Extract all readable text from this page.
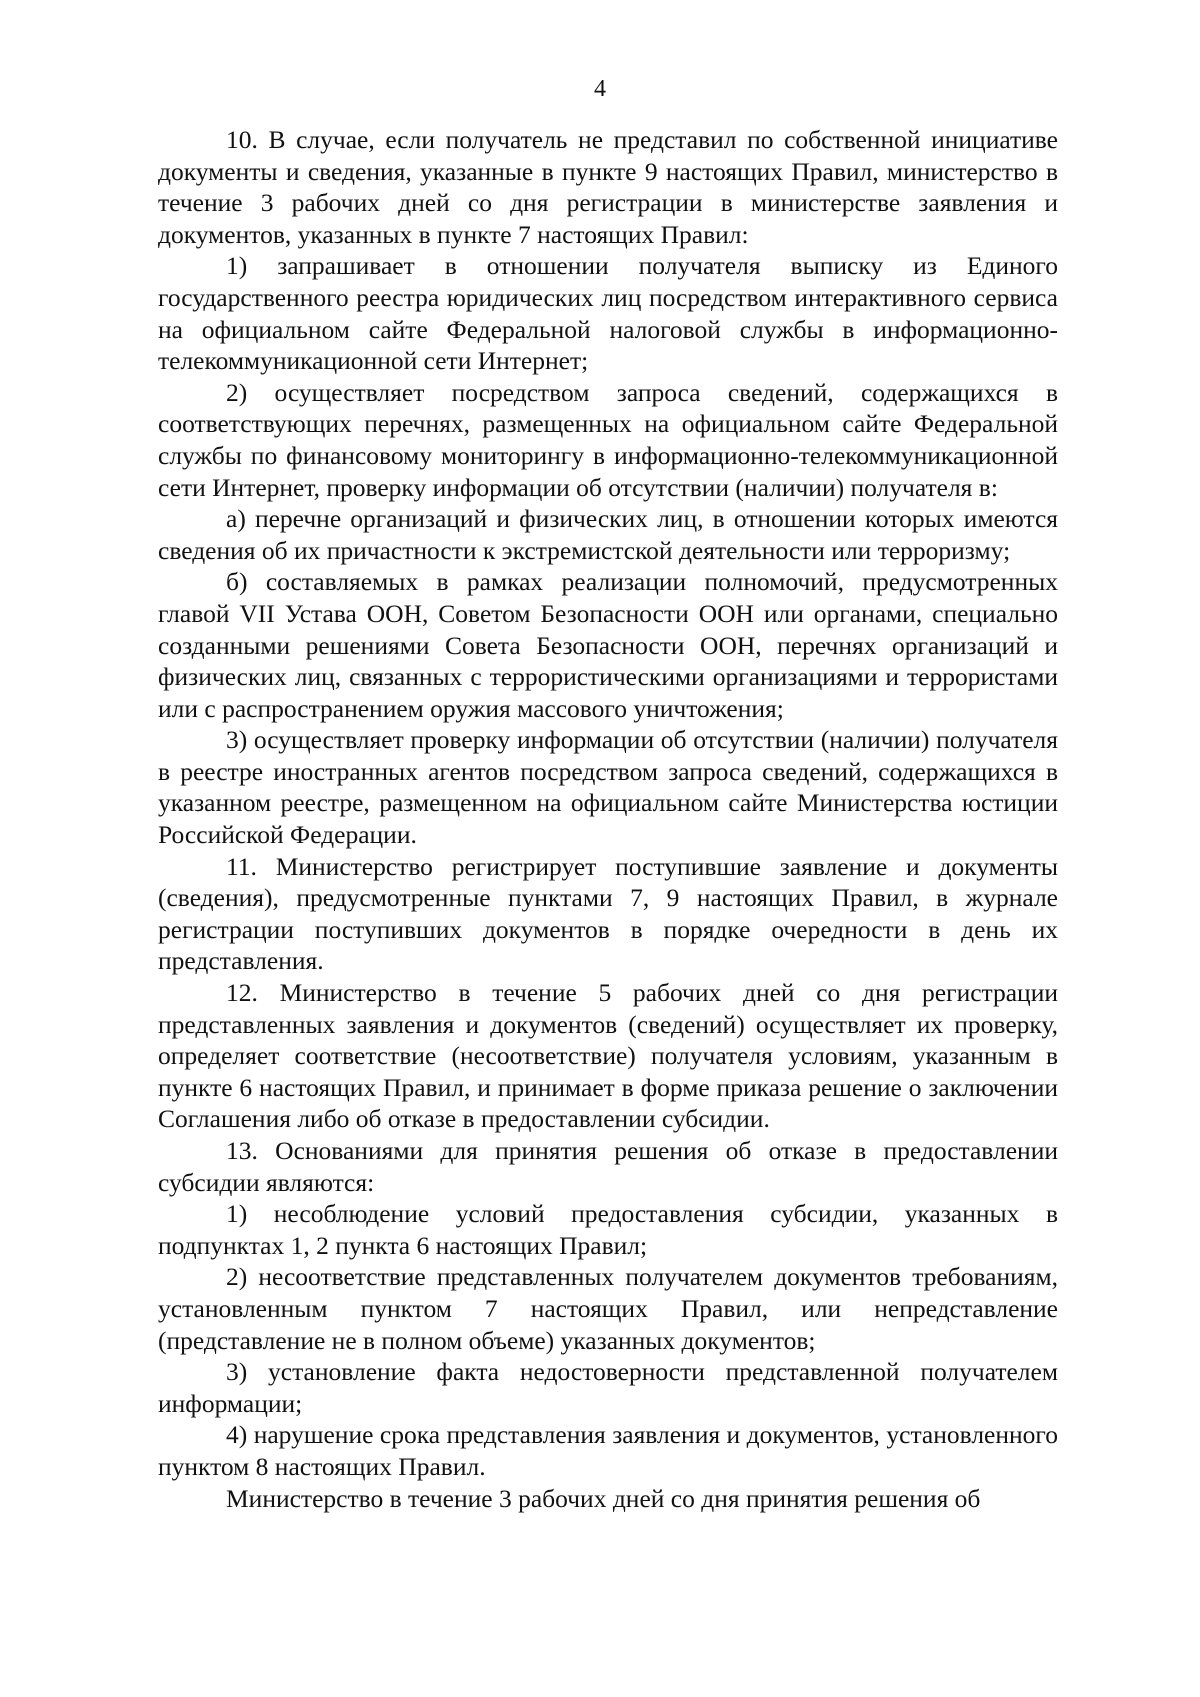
4

10. В случае, если получатель не представил по собственной инициативе документы и сведения, указанные в пункте 9 настоящих Правил, министерство в течение 3 рабочих дней со дня регистрации в министерстве заявления и документов, указанных в пункте 7 настоящих Правил:

1) запрашивает в отношении получателя выписку из Единого государственного реестра юридических лиц посредством интерактивного сервиса на официальном сайте Федеральной налоговой службы в информационно-телекоммуникационной сети Интернет;

2) осуществляет посредством запроса сведений, содержащихся в соответствующих перечнях, размещенных на официальном сайте Федеральной службы по финансовому мониторингу в информационно-телекоммуникационной сети Интернет, проверку информации об отсутствии (наличии) получателя в:

а) перечне организаций и физических лиц, в отношении которых имеются сведения об их причастности к экстремистской деятельности или терроризму;

б) составляемых в рамках реализации полномочий, предусмотренных главой VII Устава ООН, Советом Безопасности ООН или органами, специально созданными решениями Совета Безопасности ООН, перечнях организаций и физических лиц, связанных с террористическими организациями и террористами или с распространением оружия массового уничтожения;

3) осуществляет проверку информации об отсутствии (наличии) получателя в реестре иностранных агентов посредством запроса сведений, содержащихся в указанном реестре, размещенном на официальном сайте Министерства юстиции Российской Федерации.

11. Министерство регистрирует поступившие заявление и документы (сведения), предусмотренные пунктами 7, 9 настоящих Правил, в журнале регистрации поступивших документов в порядке очередности в день их представления.

12. Министерство в течение 5 рабочих дней со дня регистрации представленных заявления и документов (сведений) осуществляет их проверку, определяет соответствие (несоответствие) получателя условиям, указанным в пункте 6 настоящих Правил, и принимает в форме приказа решение о заключении Соглашения либо об отказе в предоставлении субсидии.

13. Основаниями для принятия решения об отказе в предоставлении субсидии являются:

1) несоблюдение условий предоставления субсидии, указанных в подпунктах 1, 2 пункта 6 настоящих Правил;

2) несоответствие представленных получателем документов требованиям, установленным пунктом 7 настоящих Правил, или непредставление (представление не в полном объеме) указанных документов;

3) установление факта недостоверности представленной получателем информации;

4) нарушение срока представления заявления и документов, установленного пунктом 8 настоящих Правил.

Министерство в течение 3 рабочих дней со дня принятия решения об
